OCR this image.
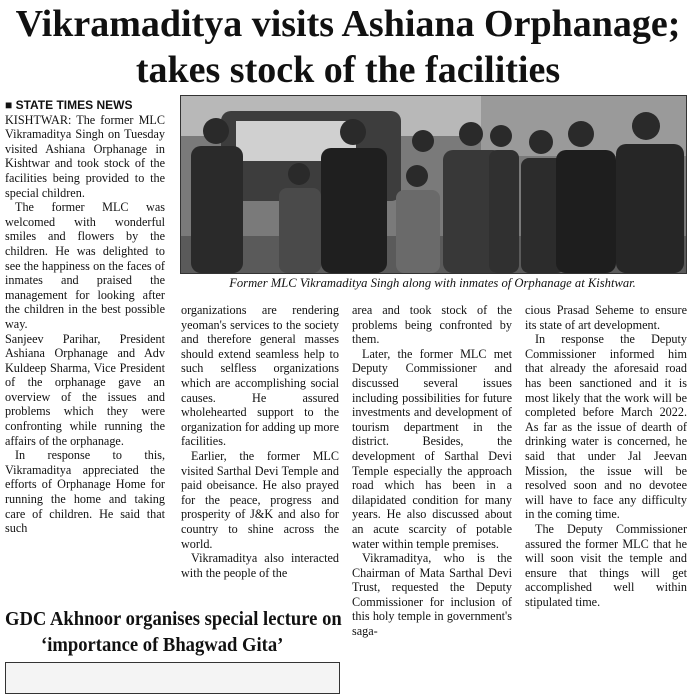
Vikramaditya visits Ashiana Orphanage;
takes stock of the facilities
Former MLC Vikramaditya Singh along with inmates of Orphanage at Kishtwar.

■ STATE TIMES NEWS

KISHTWAR: The former MLC Vikramaditya Singh on Tuesday visited Ashiana Orphanage in Kishtwar and took stock of the facilities being provided to the special children.

The former MLC was welcomed with wonderful smiles and flowers by the children. He was delighted to see the happiness on the faces of inmates and praised the management for looking after the children in the best possible way.

Sanjeev Parihar, President Ashiana Orphanage and Adv Kuldeep Sharma, Vice President of the orphanage gave an overview of the issues and problems which they were confronting while running the affairs of the orphanage.

In response to this, Vikramaditya appreciated the efforts of Orphanage Home for running the home and taking care of children. He said that such

organizations are rendering yeoman's services to the society and therefore general masses should extend seamless help to such selfless organizations which are accomplishing social causes. He assured wholehearted support to the organization for adding up more facilities.

Earlier, the former MLC visited Sarthal Devi Temple and paid obeisance. He also prayed for the peace, progress and prosperity of J&K and also for country to shine across the world.

Vikramaditya also interacted with the people of the

area and took stock of the problems being confronted by them.

Later, the former MLC met Deputy Commissioner and discussed several issues including possibilities for future investments and development of tourism department in the district. Besides, the development of Sarthal Devi Temple especially the approach road which has been in a dilapidated condition for many years. He also discussed about an acute scarcity of potable water within temple premises.

Vikramaditya, who is the Chairman of Mata Sarthal Devi Trust, requested the Deputy Commissioner for inclusion of this holy temple in government's saga-

cious Prasad Seheme to ensure its state of art development.

In response the Deputy Commissioner informed him that already the aforesaid road has been sanctioned and it is most likely that the work will be completed before March 2022. As far as the issue of dearth of drinking water is concerned, he said that under Jal Jeevan Mission, the issue will be resolved soon and no devotee will have to face any difficulty in the coming time.

The Deputy Commissioner assured the former MLC that he will soon visit the temple and ensure that things will get accomplished well within stipulated time.

GDC Akhnoor organises special lecture on
‘importance of Bhagwad Gita’
